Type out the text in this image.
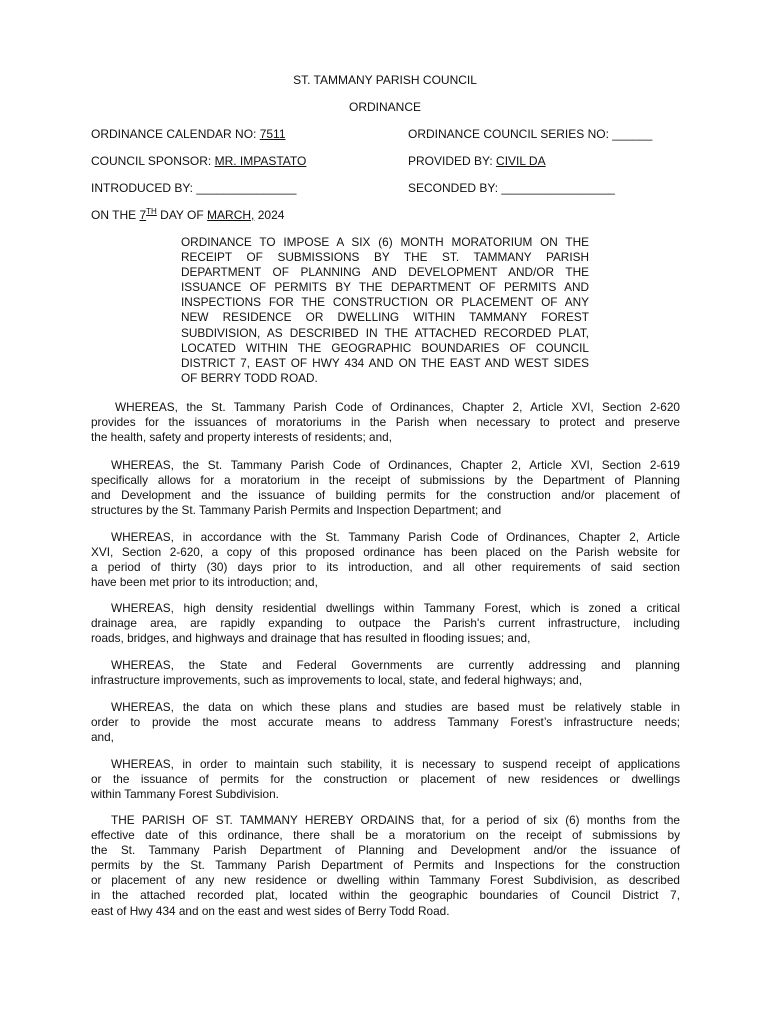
ST. TAMMANY PARISH COUNCIL
ORDINANCE
ORDINANCE CALENDAR NO: 7511	ORDINANCE COUNCIL SERIES NO: ______
COUNCIL SPONSOR: MR. IMPASTATO	PROVIDED BY: CIVIL DA
INTRODUCED BY: _______________	SECONDED BY: _________________
ON THE 7TH DAY OF MARCH, 2024
ORDINANCE TO IMPOSE A SIX (6) MONTH MORATORIUM ON THE
RECEIPT OF SUBMISSIONS BY THE ST. TAMMANY PARISH
DEPARTMENT OF PLANNING AND DEVELOPMENT AND/OR THE
ISSUANCE OF PERMITS BY THE DEPARTMENT OF PERMITS AND
INSPECTIONS FOR THE CONSTRUCTION OR PLACEMENT OF ANY
NEW RESIDENCE OR DWELLING WITHIN TAMMANY FOREST
SUBDIVISION, AS DESCRIBED IN THE ATTACHED RECORDED PLAT,
LOCATED WITHIN THE GEOGRAPHIC BOUNDARIES OF COUNCIL
DISTRICT 7, EAST OF HWY 434 AND ON THE EAST AND WEST SIDES
OF BERRY TODD ROAD.
WHEREAS, the St. Tammany Parish Code of Ordinances, Chapter 2, Article XVI, Section 2-620
provides for the issuances of moratoriums in the Parish when necessary to protect and preserve
the health, safety and property interests of residents; and,
WHEREAS, the St. Tammany Parish Code of Ordinances, Chapter 2, Article XVI, Section 2-619
specifically allows for a moratorium in the receipt of submissions by the Department of Planning
and Development and the issuance of building permits for the construction and/or placement of
structures by the St. Tammany Parish Permits and Inspection Department; and
WHEREAS, in accordance with the St. Tammany Parish Code of Ordinances, Chapter 2, Article
XVI, Section 2-620, a copy of this proposed ordinance has been placed on the Parish website for
a period of thirty (30) days prior to its introduction, and all other requirements of said section
have been met prior to its introduction; and,
WHEREAS, high density residential dwellings within Tammany Forest, which is zoned a critical
drainage area, are rapidly expanding to outpace the Parish's current infrastructure, including
roads, bridges, and highways and drainage that has resulted in flooding issues; and,
WHEREAS, the State and Federal Governments are currently addressing and planning
infrastructure improvements, such as improvements to local, state, and federal highways; and,
WHEREAS, the data on which these plans and studies are based must be relatively stable in
order to provide the most accurate means to address Tammany Forest’s infrastructure needs;
and,
WHEREAS, in order to maintain such stability, it is necessary to suspend receipt of applications
or the issuance of permits for the construction or placement of new residences or dwellings
within Tammany Forest Subdivision.
THE PARISH OF ST. TAMMANY HEREBY ORDAINS that, for a period of six (6) months from the
effective date of this ordinance, there shall be a moratorium on the receipt of submissions by
the St. Tammany Parish Department of Planning and Development and/or the issuance of
permits by the St. Tammany Parish Department of Permits and Inspections for the construction
or placement of any new residence or dwelling within Tammany Forest Subdivision, as described
in the attached recorded plat, located within the geographic boundaries of Council District 7,
east of Hwy 434 and on the east and west sides of Berry Todd Road.
